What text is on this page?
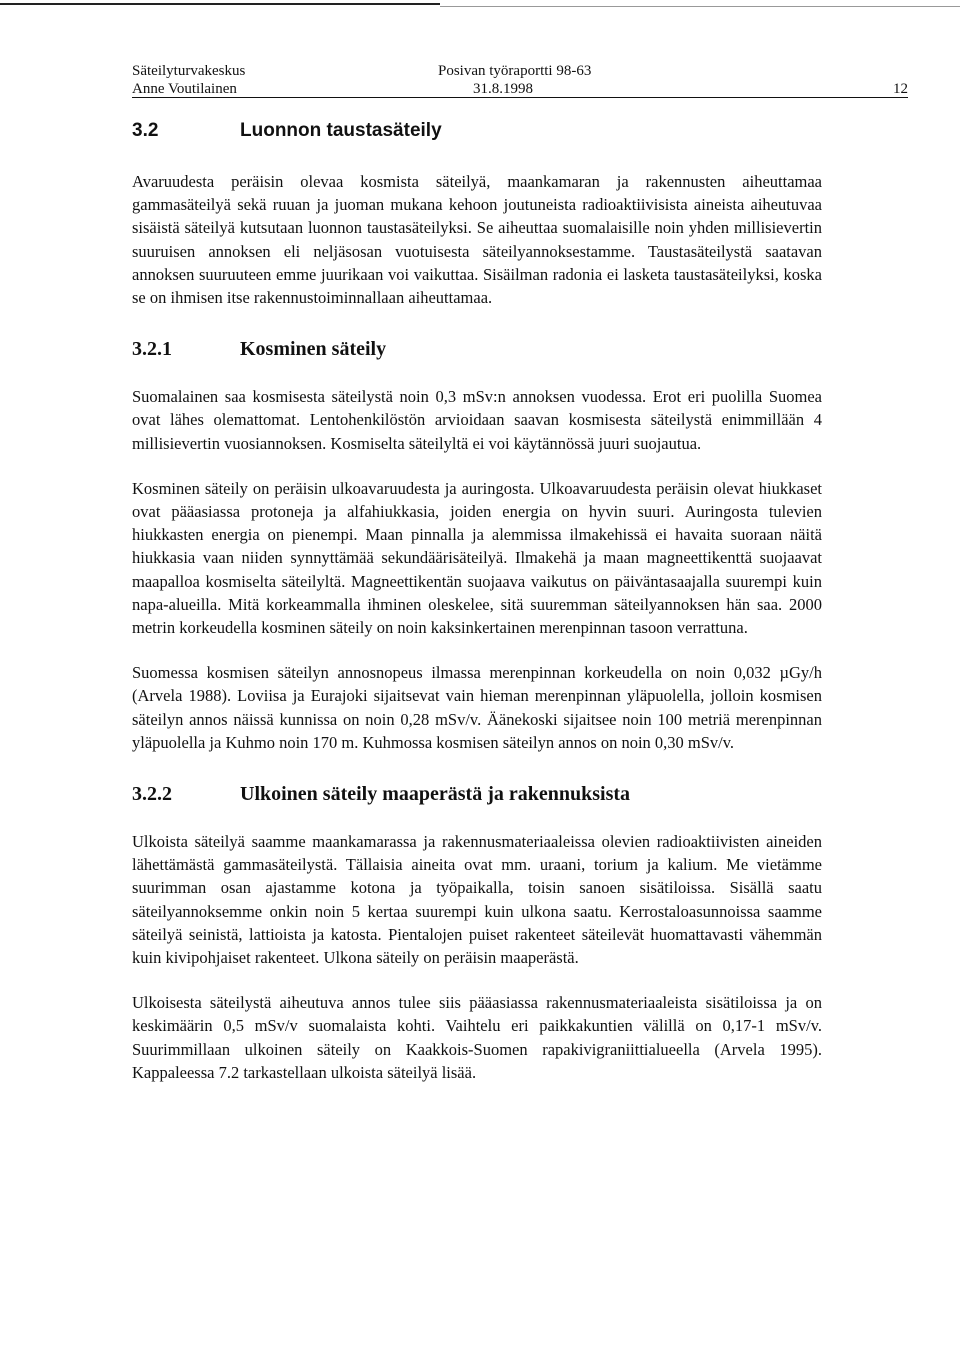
Säteilyturvakeskus	Posivan työraportti 98-63
Anne Voutilainen	31.8.1998	12
3.2	Luonnon taustasäteily

Avaruudesta peräisin olevaa kosmista säteilyä, maankamaran ja rakennusten aiheuttamaa gammasäteilyä sekä ruuan ja juoman mukana kehoon joutuneista radioaktiivisista aineista aiheutuvaa sisäistä säteilyä kutsutaan luonnon taustasäteilyksi. Se aiheuttaa suomalaisille noin yhden millisievertin suuruisen annoksen eli neljäsosan vuotuisesta säteilyannoksestamme. Taustasäteilystä saatavan annoksen suuruuteen emme juurikaan voi vaikuttaa. Sisäilman radonia ei lasketa taustasäteilyksi, koska se on ihmisen itse rakennustoiminnallaan aiheuttamaa.

3.2.1	Kosminen säteily

Suomalainen saa kosmisesta säteilystä noin 0,3 mSv:n annoksen vuodessa. Erot eri puolilla Suomea ovat lähes olemattomat. Lentohenkilöstön arvioidaan saavan kosmisesta säteilystä enimmillään 4 millisievertin vuosiannoksen. Kosmiselta säteilyltä ei voi käytännössä juuri suojautua.

Kosminen säteily on peräisin ulkoavaruudesta ja auringosta. Ulkoavaruudesta peräisin olevat hiukkaset ovat pääasiassa protoneja ja alfahiukkasia, joiden energia on hyvin suuri. Auringosta tulevien hiukkasten energia on pienempi. Maan pinnalla ja alemmissa ilmakehissä ei havaita suoraan näitä hiukkasia vaan niiden synnyttämää sekundäärisäteilyä. Ilmakehä ja maan magneettikenttä suojaavat maapalloa kosmiselta säteilyltä. Magneettikentän suojaava vaikutus on päiväntasaajalla suurempi kuin napa-alueilla. Mitä korkeammalla ihminen oleskelee, sitä suuremman säteilyannoksen hän saa. 2000 metrin korkeudella kosminen säteily on noin kaksinkertainen merenpinnan tasoon verrattuna.

Suomessa kosmisen säteilyn annosnopeus ilmassa merenpinnan korkeudella on noin 0,032 µGy/h (Arvela 1988). Loviisa ja Eurajoki sijaitsevat vain hieman merenpinnan yläpuolella, jolloin kosmisen säteilyn annos näissä kunnissa on noin 0,28 mSv/v. Äänekoski sijaitsee noin 100 metriä merenpinnan yläpuolella ja Kuhmo noin 170 m. Kuhmossa kosmisen säteilyn annos on noin 0,30 mSv/v.

3.2.2	Ulkoinen säteily maaperästä ja rakennuksista

Ulkoista säteilyä saamme maankamarassa ja rakennusmateriaaleissa olevien radioaktiivisten aineiden lähettämästä gammasäteilystä. Tällaisia aineita ovat mm. uraani, torium ja kalium. Me vietämme suurimman osan ajastamme kotona ja työpaikalla, toisin sanoen sisätiloissa. Sisällä saatu säteilyannoksemme onkin noin 5 kertaa suurempi kuin ulkona saatu. Kerrostaloasunnoissa saamme säteilyä seinistä, lattioista ja katosta. Pientalojen puiset rakenteet säteilevät huomattavasti vähemmän kuin kivipohjaiset rakenteet. Ulkona säteily on peräisin maaperästä.

Ulkoisesta säteilystä aiheutuva annos tulee siis pääasiassa rakennusmateriaaleista sisätiloissa ja on keskimäärin 0,5 mSv/v suomalaista kohti. Vaihtelu eri paikkakuntien välillä on 0,17-1 mSv/v. Suurimmillaan ulkoinen säteily on Kaakkois-Suomen rapakivigraniittialueella (Arvela 1995). Kappaleessa 7.2 tarkastellaan ulkoista säteilyä lisää.
